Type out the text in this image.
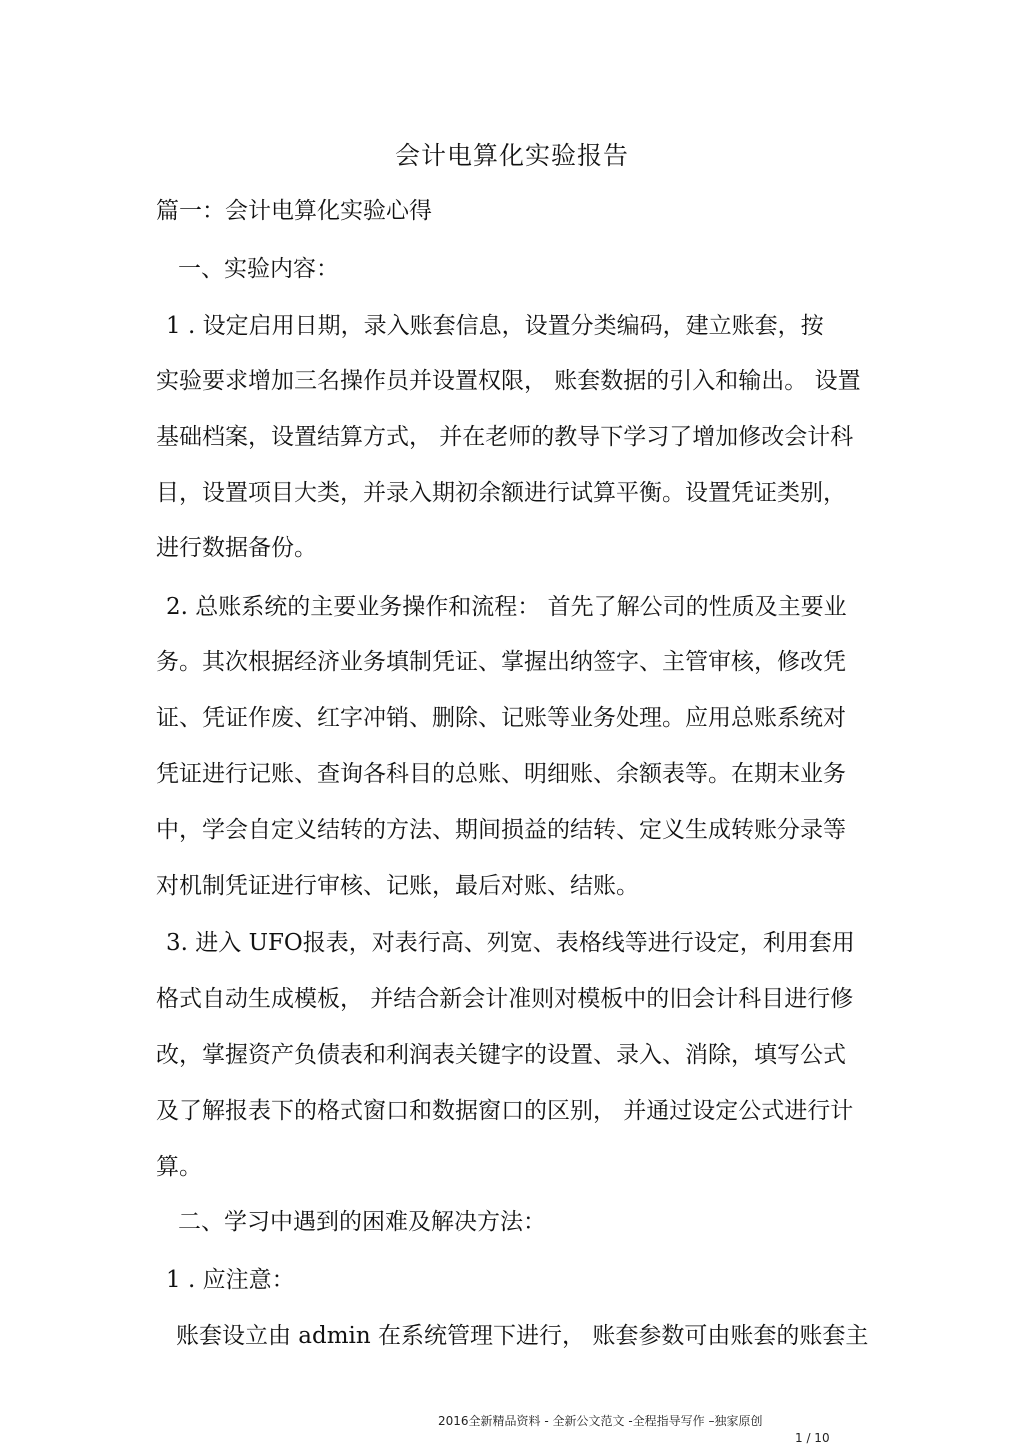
会计电算化实验报告
篇一：会计电算化实验心得
一、实验内容：
1 . 设定启用日期，录入账套信息，设置分类编码，建立账套，按
实验要求增加三名操作员并设置权限， 账套数据的引入和输出。 设置
基础档案，设置结算方式， 并在老师的教导下学习了增加修改会计科
目，设置项目大类，并录入期初余额进行试算平衡。设置凭证类别，
进行数据备份。
2. 总账系统的主要业务操作和流程： 首先了解公司的性质及主要业
务。其次根据经济业务填制凭证、掌握出纳签字、主管审核，修改凭
证、凭证作废、红字冲销、删除、记账等业务处理。应用总账系统对
凭证进行记账、查询各科目的总账、明细账、余额表等。在期末业务
中，学会自定义结转的方法、期间损益的结转、定义生成转账分录等
对机制凭证进行审核、记账，最后对账、结账。
3. 进入 UFO报表，对表行高、列宽、表格线等进行设定，利用套用
格式自动生成模板， 并结合新会计准则对模板中的旧会计科目进行修
改，掌握资产负债表和利润表关键字的设置、录入、消除，填写公式
及了解报表下的格式窗口和数据窗口的区别， 并通过设定公式进行计
算。
二、学习中遇到的困难及解决方法：
1 . 应注意：
账套设立由 admin 在系统管理下进行， 账套参数可由账套的账套主
2016全新精品资料 - 全新公文范文 -全程指导写作 –独家原创
1 / 10
